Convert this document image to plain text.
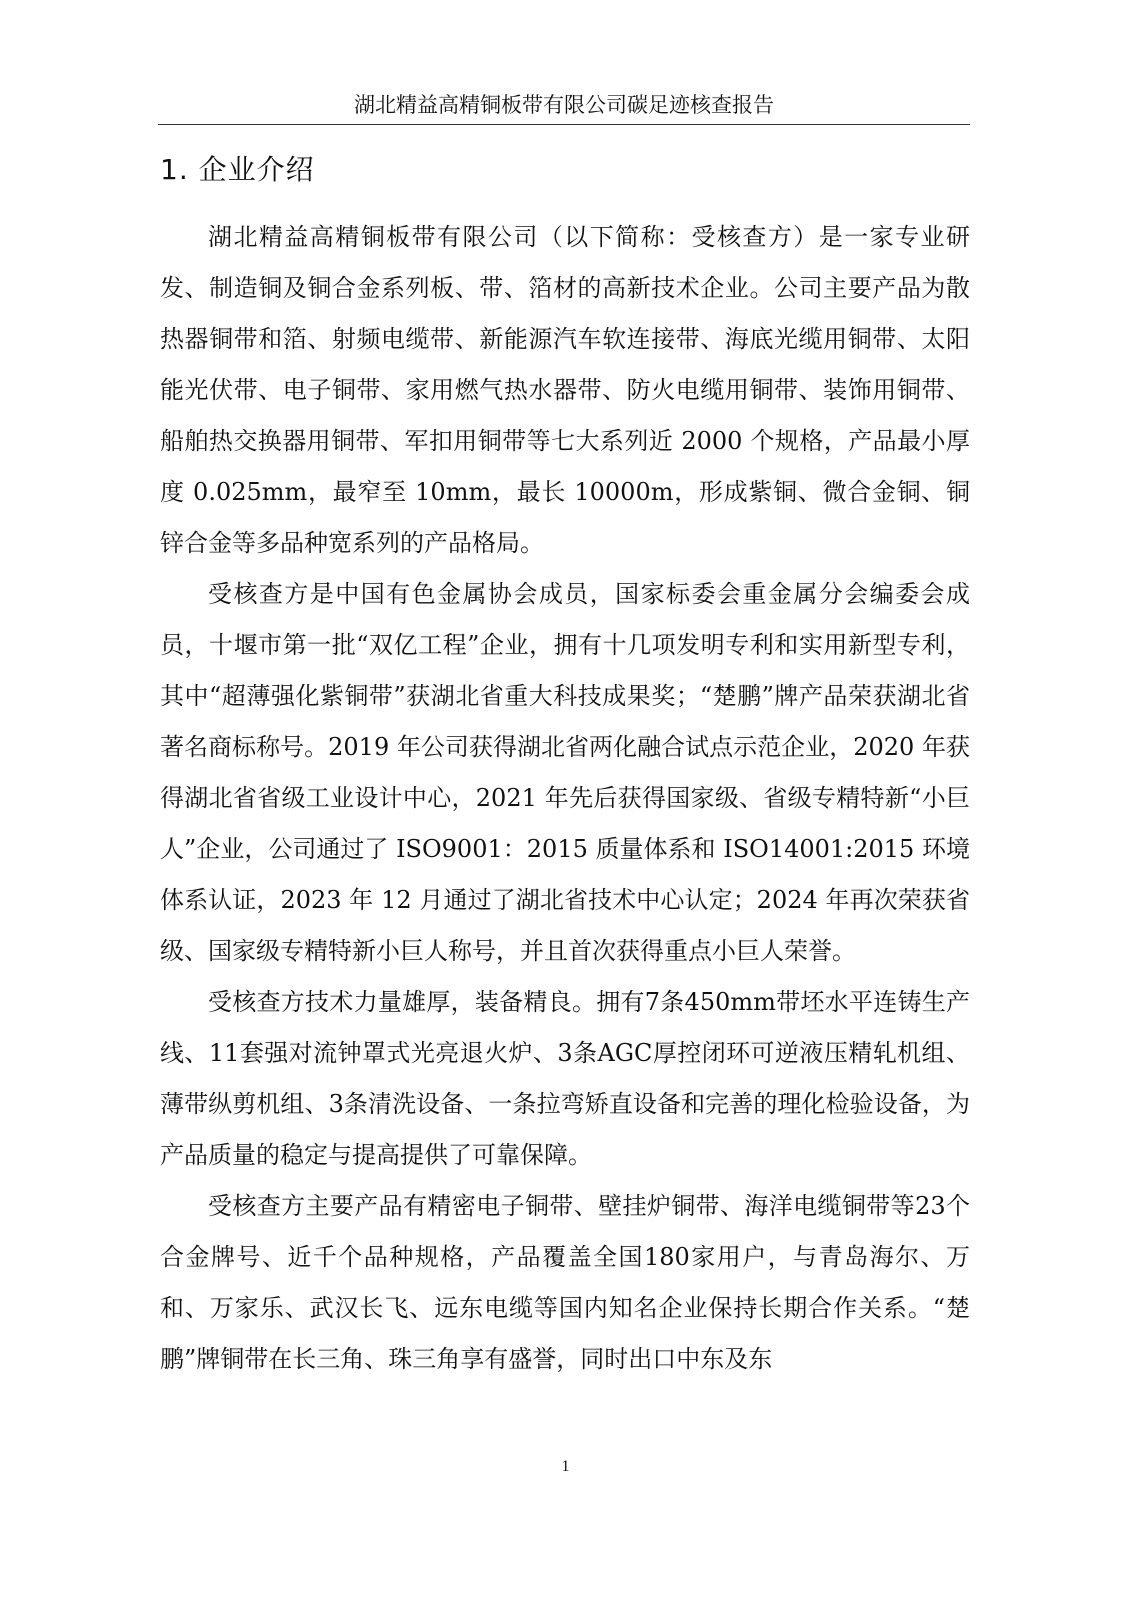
湖北精益高精铜板带有限公司碳足迹核查报告
1. 企业介绍

湖北精益高精铜板带有限公司（以下简称：受核查方）是一家专业研发、制造铜及铜合金系列板、带、箔材的高新技术企业。公司主要产品为散热器铜带和箔、射频电缆带、新能源汽车软连接带、海底光缆用铜带、太阳能光伏带、电子铜带、家用燃气热水器带、防火电缆用铜带、装饰用铜带、船舶热交换器用铜带、军扣用铜带等七大系列近 2000 个规格，产品最小厚度 0.025mm，最窄至 10mm，最长 10000m，形成紫铜、微合金铜、铜锌合金等多品种宽系列的产品格局。

受核查方是中国有色金属协会成员，国家标委会重金属分会编委会成员，十堰市第一批“双亿工程”企业，拥有十几项发明专利和实用新型专利，其中“超薄强化紫铜带”获湖北省重大科技成果奖；“楚鹏”牌产品荣获湖北省著名商标称号。2019 年公司获得湖北省两化融合试点示范企业，2020 年获得湖北省省级工业设计中心，2021 年先后获得国家级、省级专精特新“小巨人”企业，公司通过了 ISO9001：2015 质量体系和 ISO14001:2015 环境体系认证，2023 年 12 月通过了湖北省技术中心认定；2024 年再次荣获省级、国家级专精特新小巨人称号，并且首次获得重点小巨人荣誉。

受核查方技术力量雄厚，装备精良。拥有7条450mm带坯水平连铸生产线、11套强对流钟罩式光亮退火炉、3条AGC厚控闭环可逆液压精轧机组、薄带纵剪机组、3条清洗设备、一条拉弯矫直设备和完善的理化检验设备，为产品质量的稳定与提高提供了可靠保障。

受核查方主要产品有精密电子铜带、壁挂炉铜带、海洋电缆铜带等23个合金牌号、近千个品种规格，产品覆盖全国180家用户，与青岛海尔、万和、万家乐、武汉长飞、远东电缆等国内知名企业保持长期合作关系。“楚鹏”牌铜带在长三角、珠三角享有盛誉，同时出口中东及东

1
